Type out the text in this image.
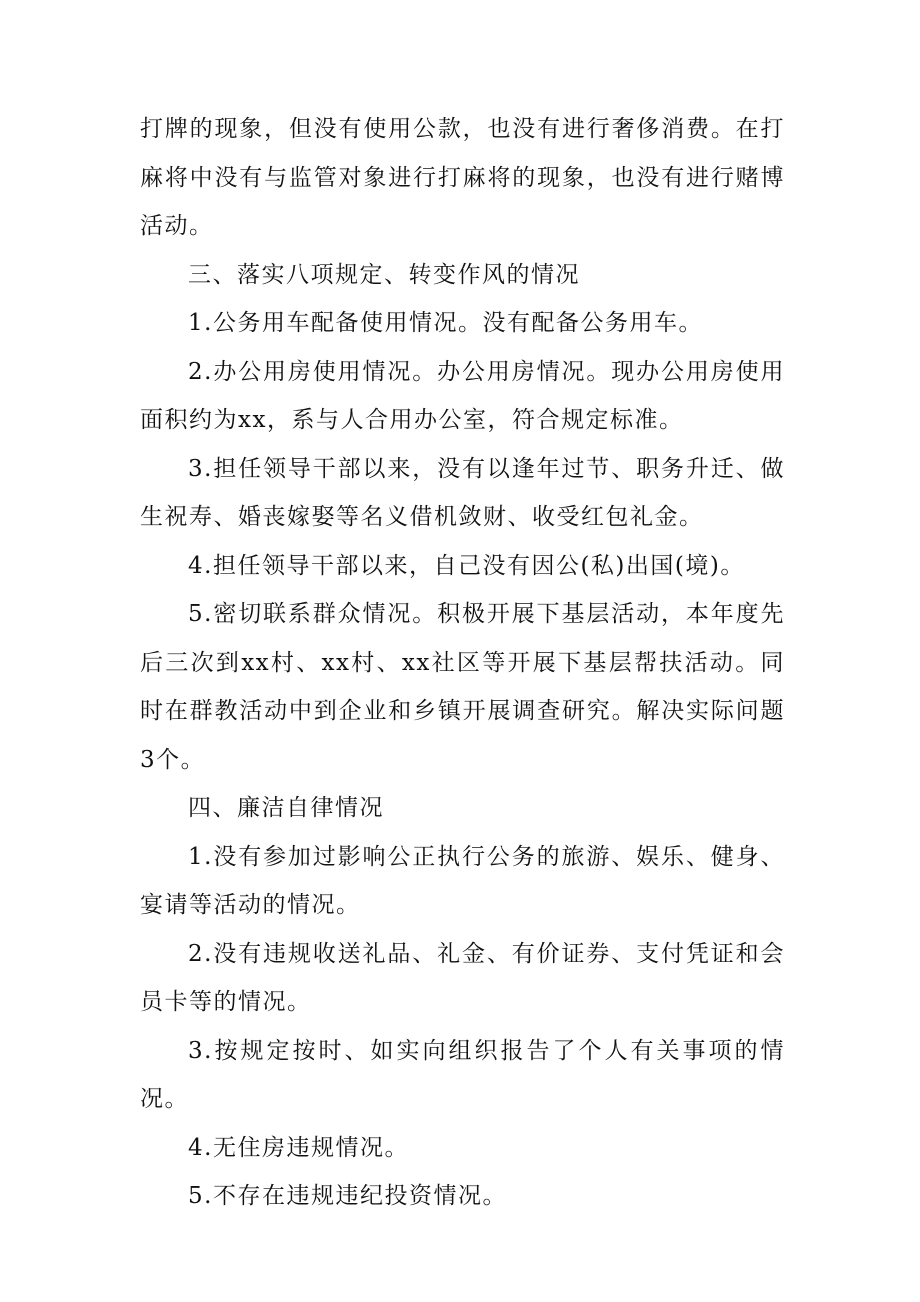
打牌的现象，但没有使用公款，也没有进行奢侈消费。在打麻将中没有与监管对象进行打麻将的现象，也没有进行赌博活动。

三、落实八项规定、转变作风的情况

1.公务用车配备使用情况。没有配备公务用车。

2.办公用房使用情况。办公用房情况。现办公用房使用面积约为xx，系与人合用办公室，符合规定标准。

3.担任领导干部以来，没有以逢年过节、职务升迁、做生祝寿、婚丧嫁娶等名义借机敛财、收受红包礼金。

4.担任领导干部以来，自己没有因公(私)出国(境)。

5.密切联系群众情况。积极开展下基层活动，本年度先后三次到xx村、xx村、xx社区等开展下基层帮扶活动。同时在群教活动中到企业和乡镇开展调查研究。解决实际问题3个。

四、廉洁自律情况

1.没有参加过影响公正执行公务的旅游、娱乐、健身、宴请等活动的情况。

2.没有违规收送礼品、礼金、有价证券、支付凭证和会员卡等的情况。

3.按规定按时、如实向组织报告了个人有关事项的情况。

4.无住房违规情况。

5.不存在违规违纪投资情况。
